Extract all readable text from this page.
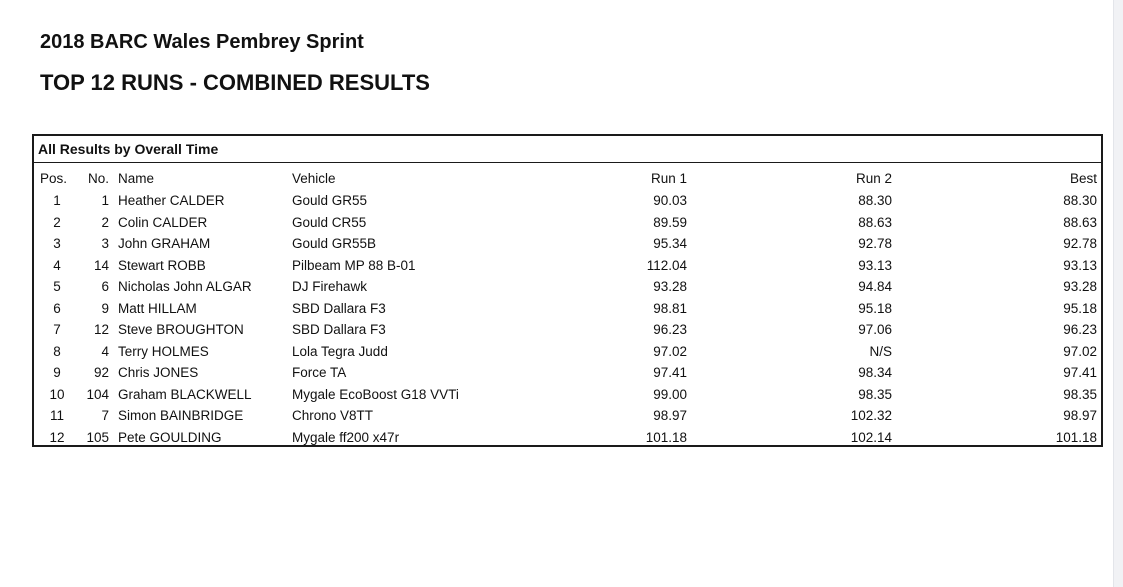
2018 BARC Wales Pembrey Sprint
TOP 12 RUNS - COMBINED RESULTS
All Results by Overall Time
Pos.	No. Name	Vehicle	Run 1	Run 2	Best
1	1 Heather CALDER	Gould GR55	90.03	88.30	88.30
2	2 Colin CALDER	Gould CR55	89.59	88.63	88.63
3	3 John GRAHAM	Gould GR55B	95.34	92.78	92.78
4	14 Stewart ROBB	Pilbeam MP 88 B-01	112.04	93.13	93.13
5	6 Nicholas John ALGAR	DJ Firehawk	93.28	94.84	93.28
6	9 Matt HILLAM	SBD Dallara F3	98.81	95.18	95.18
7	12 Steve BROUGHTON	SBD Dallara F3	96.23	97.06	96.23
8	4 Terry HOLMES	Lola Tegra Judd	97.02	N/S	97.02
9	92 Chris JONES	Force TA	97.41	98.34	97.41
10	104 Graham BLACKWELL	Mygale EcoBoost G18 VVTi	99.00	98.35	98.35
11	7 Simon BAINBRIDGE	Chrono V8TT	98.97	102.32	98.97
12	105 Pete GOULDING	Mygale ff200 x47r	101.18	102.14	101.18
